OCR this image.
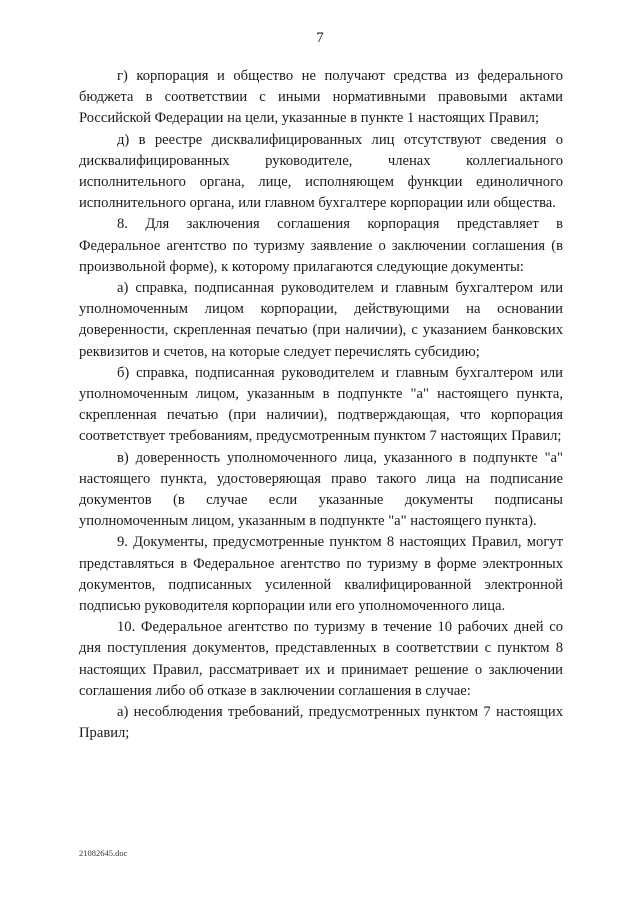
7

г) корпорация и общество не получают средства из федерального бюджета в соответствии с иными нормативными правовыми актами Российской Федерации на цели, указанные в пункте 1 настоящих Правил;

д) в реестре дисквалифицированных лиц отсутствуют сведения о дисквалифицированных руководителе, членах коллегиального исполнительного органа, лице, исполняющем функции единоличного исполнительного органа, или главном бухгалтере корпорации или общества.

8. Для заключения соглашения корпорация представляет в Федеральное агентство по туризму заявление о заключении соглашения (в произвольной форме), к которому прилагаются следующие документы:

а) справка, подписанная руководителем и главным бухгалтером или уполномоченным лицом корпорации, действующими на основании доверенности, скрепленная печатью (при наличии), с указанием банковских реквизитов и счетов, на которые следует перечислять субсидию;

б) справка, подписанная руководителем и главным бухгалтером или уполномоченным лицом, указанным в подпункте "а" настоящего пункта, скрепленная печатью (при наличии), подтверждающая, что корпорация соответствует требованиям, предусмотренным пунктом 7 настоящих Правил;

в) доверенность уполномоченного лица, указанного в подпункте "а" настоящего пункта, удостоверяющая право такого лица на подписание документов (в случае если указанные документы подписаны уполномоченным лицом, указанным в подпункте "а" настоящего пункта).

9. Документы, предусмотренные пунктом 8 настоящих Правил, могут представляться в Федеральное агентство по туризму в форме электронных документов, подписанных усиленной квалифицированной электронной подписью руководителя корпорации или его уполномоченного лица.

10. Федеральное агентство по туризму в течение 10 рабочих дней со дня поступления документов, представленных в соответствии с пунктом 8 настоящих Правил, рассматривает их и принимает решение о заключении соглашения либо об отказе в заключении соглашения в случае:

а) несоблюдения требований, предусмотренных пунктом 7 настоящих Правил;

21082645.doc
